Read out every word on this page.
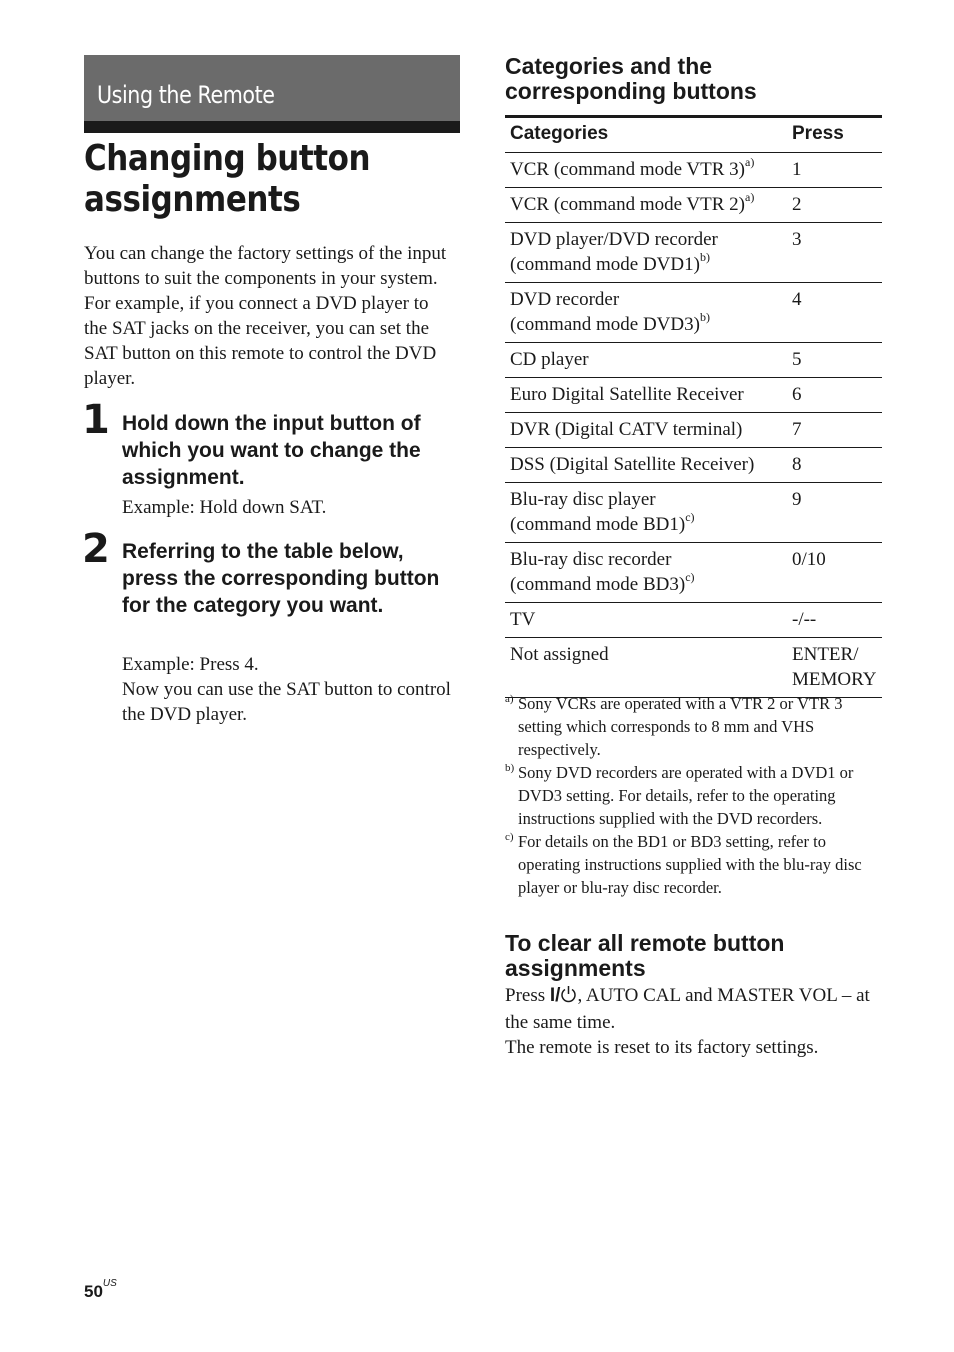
Using the Remote
Changing button
assignments

You can change the factory settings of the input buttons to suit the components in your system. For example, if you connect a DVD player to the SAT jacks on the receiver, you can set the SAT button on this remote to control the DVD player.

1 Hold down the input button of which you want to change the assignment.
Example: Hold down SAT.
2 Referring to the table below, press the corresponding button for the category you want.
Example: Press 4.
Now you can use the SAT button to control the DVD player.
Categories and the
corresponding buttons
Categories	Press

VCR (command mode VTR 3)$^{a)}$	1

VCR (command mode VTR 2)$^{a)}$	2

DVD player/DVD recorder
(command mode DVD1)$^{b)}$	3

DVD recorder
(command mode DVD3)$^{b)}$	4

CD player	5

Euro Digital Satellite Receiver	6

DVR (Digital CATV terminal)	7

DSS (Digital Satellite Receiver)	8

Blu-ray disc player
(command mode BD1)$^{c)}$	9

Blu-ray disc recorder
(command mode BD3)$^{c)}$	0/10

TV	-/--

Not assigned	ENTER/
MEMORY

a) Sony VCRs are operated with a VTR 2 or VTR 3 setting which corresponds to 8 mm and VHS respectively.

b) Sony DVD recorders are operated with a DVD1 or DVD3 setting. For details, refer to the operating instructions supplied with the DVD recorders.

c) For details on the BD1 or BD3 setting, refer to operating instructions supplied with the blu-ray disc player or blu-ray disc recorder.

To clear all remote button
assignments
Press I/ , AUTO CAL and MASTER VOL – at the same time.
The remote is reset to its factory settings.
$50^{US}$
